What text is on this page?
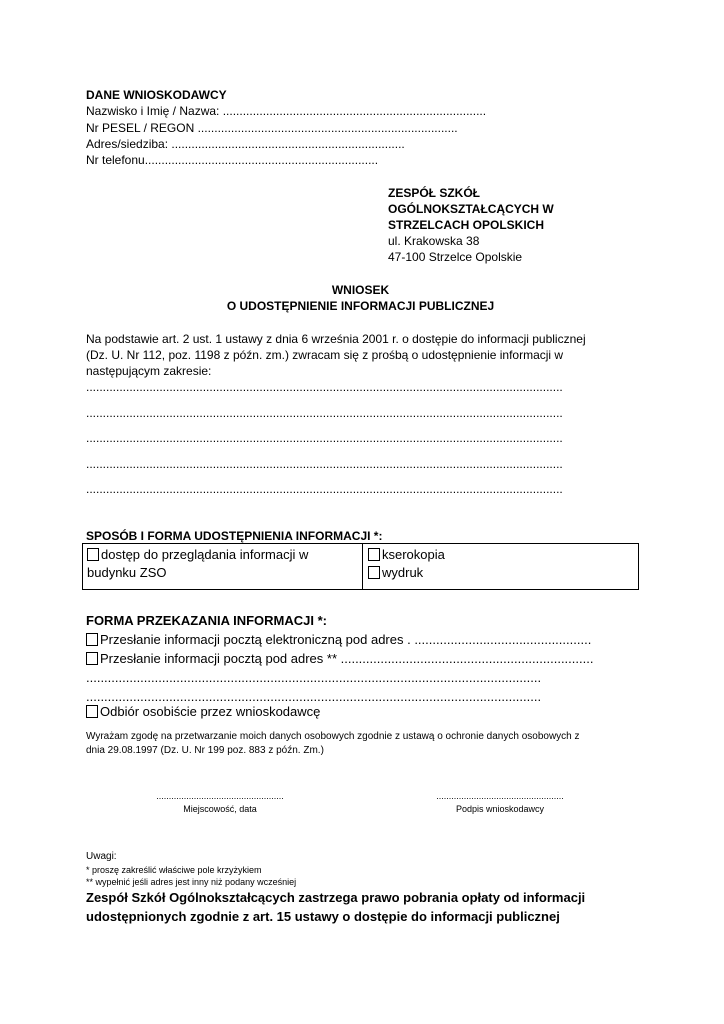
DANE WNIOSKODAWCY
Nazwisko i Imię / Nazwa: ...............................................................................
Nr PESEL / REGON ..............................................................................
Adres/siedziba: ......................................................................
Nr telefonu......................................................................
ZESPÓŁ SZKÓŁ
OGÓLNOKSZTAŁCĄCYCH W
STRZELCACH OPOLSKICH
ul. Krakowska 38
47-100 Strzelce Opolskie
WNIOSEK
O UDOSTĘPNIENIE INFORMACJI PUBLICZNEJ
Na podstawie art. 2 ust. 1 ustawy z dnia 6 września 2001 r. o dostępie do informacji publicznej
(Dz. U. Nr 112, poz. 1198 z późn. zm.) zwracam się z prośbą o udostępnienie informacji w
następującym zakresie:
...............................................................................................................................................
...............................................................................................................................................
...............................................................................................................................................
...............................................................................................................................................
...............................................................................................................................................
SPOSÓB I FORMA UDOSTĘPNIENIA INFORMACJI *:
dostęp do przeglądania informacji w
budynku ZSO
kserokopia
wydruk
FORMA PRZEKAZANIA INFORMACJI *:
Przesłanie informacji pocztą elektroniczną pod adres . .................................................
Przesłanie informacji pocztą pod adres ** ......................................................................
..............................................................................................................................
..............................................................................................................................
Odbiór osobiście przez wnioskodawcę
Wyrażam zgodę na przetwarzanie moich danych osobowych zgodnie z ustawą o ochronie danych osobowych z
dnia 29.08.1997 (Dz. U. Nr 199 poz. 883 z późn. Zm.)
...................................................
Miejscowość, data
...................................................
Podpis wnioskodawcy
Uwagi:
* proszę zakreślić właściwe pole krzyżykiem
** wypełnić jeśli adres jest inny niż podany wcześniej
Zespół Szkół Ogólnokształcących zastrzega prawo pobrania opłaty od informacji
udostępnionych zgodnie z art. 15 ustawy o dostępie do informacji publicznej
